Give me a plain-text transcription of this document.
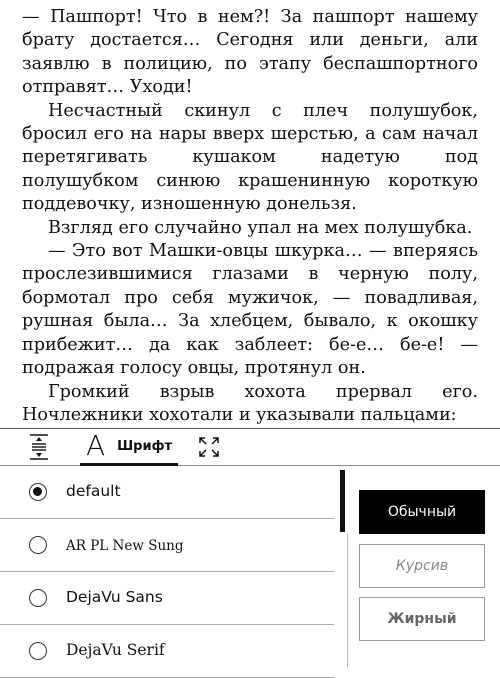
— Пашпорт! Что в нем?! За пашпорт нашему брату достается… Сегодня или деньги, али заявлю в полицию, по этапу беспашпортного отправят… Уходи!

Несчастный скинул с плеч полушубок, бросил его на нары вверх шерстью, а сам начал перетягивать кушаком надетую под полушубком синюю крашенинную короткую поддевочку, изношенную донельзя.

Взгляд его случайно упал на мех полушубка.

— Это вот Машки-овцы шкурка… — вперяясь прослезившимися глазами в черную полу, бормотал про себя мужичок, — повадливая, рушная была… За хлебцем, бывало, к окошку прибежит… да как заблеет: бе-е… бе-е! — подражая голосу овцы, протянул он.

Громкий взрыв хохота прервал его. Ночлежники хохотали и указывали пальцами:

A Шрифт
default
AR PL New Sung
DejaVu Sans
DejaVu Serif
Обычный
Курсив
Жирный
